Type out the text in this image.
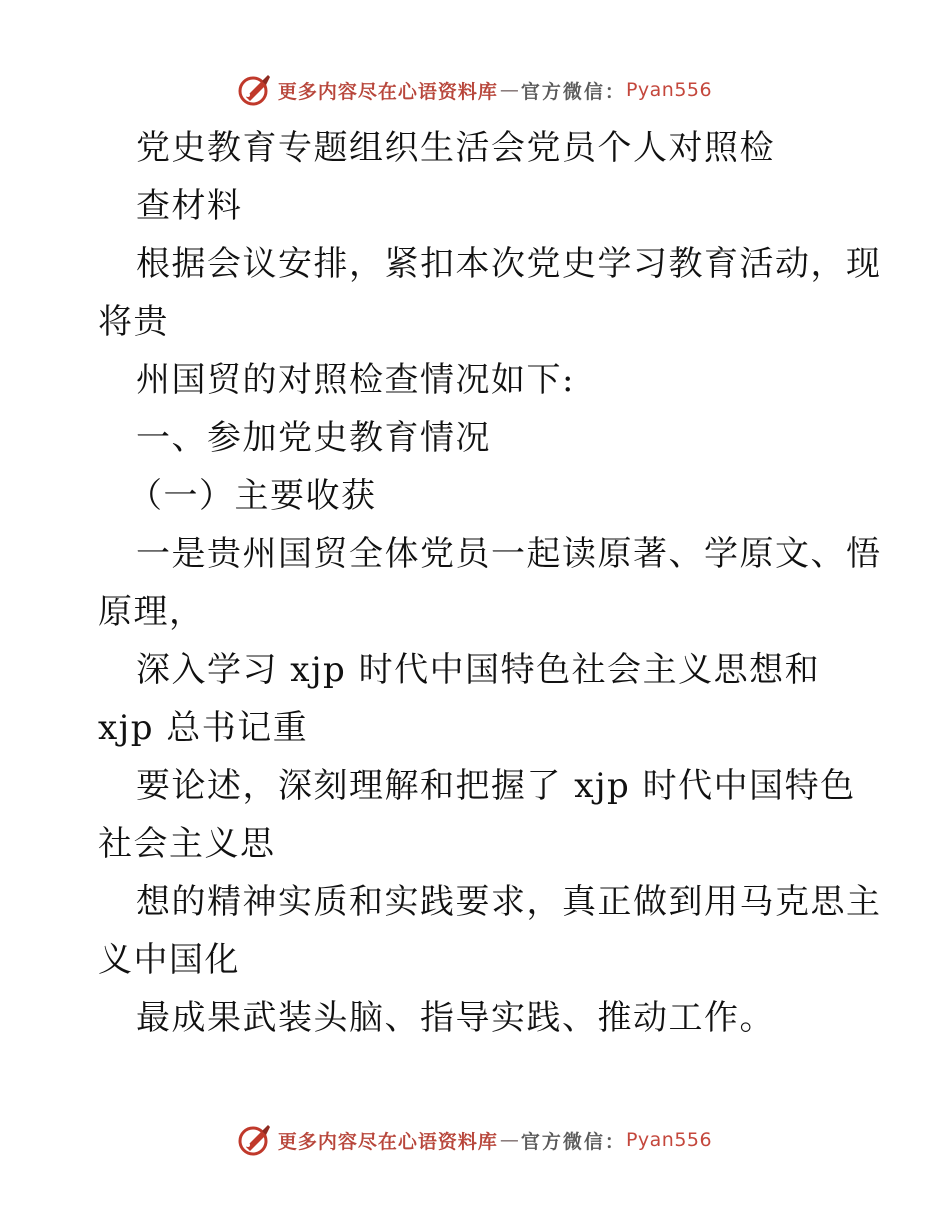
更多内容尽在心语资料库 — 官方微信： Pyan556
党史教育专题组织生活会党员个人对照检
查材料
根据会议安排，紧扣本次党史学习教育活动，现
将贵
州国贸的对照检查情况如下:
一、参加党史教育情况
（一）主要收获
一是贵州国贸全体党员一起读原著、学原文、悟
原理，
深入学习 xjp 时代中国特色社会主义思想和
xjp 总书记重
要论述，深刻理解和把握了 xjp 时代中国特色
社会主义思
想的精神实质和实践要求，真正做到用马克思主
义中国化
最成果武装头脑、指导实践、推动工作。
更多内容尽在心语资料库 — 官方微信： Pyan556
